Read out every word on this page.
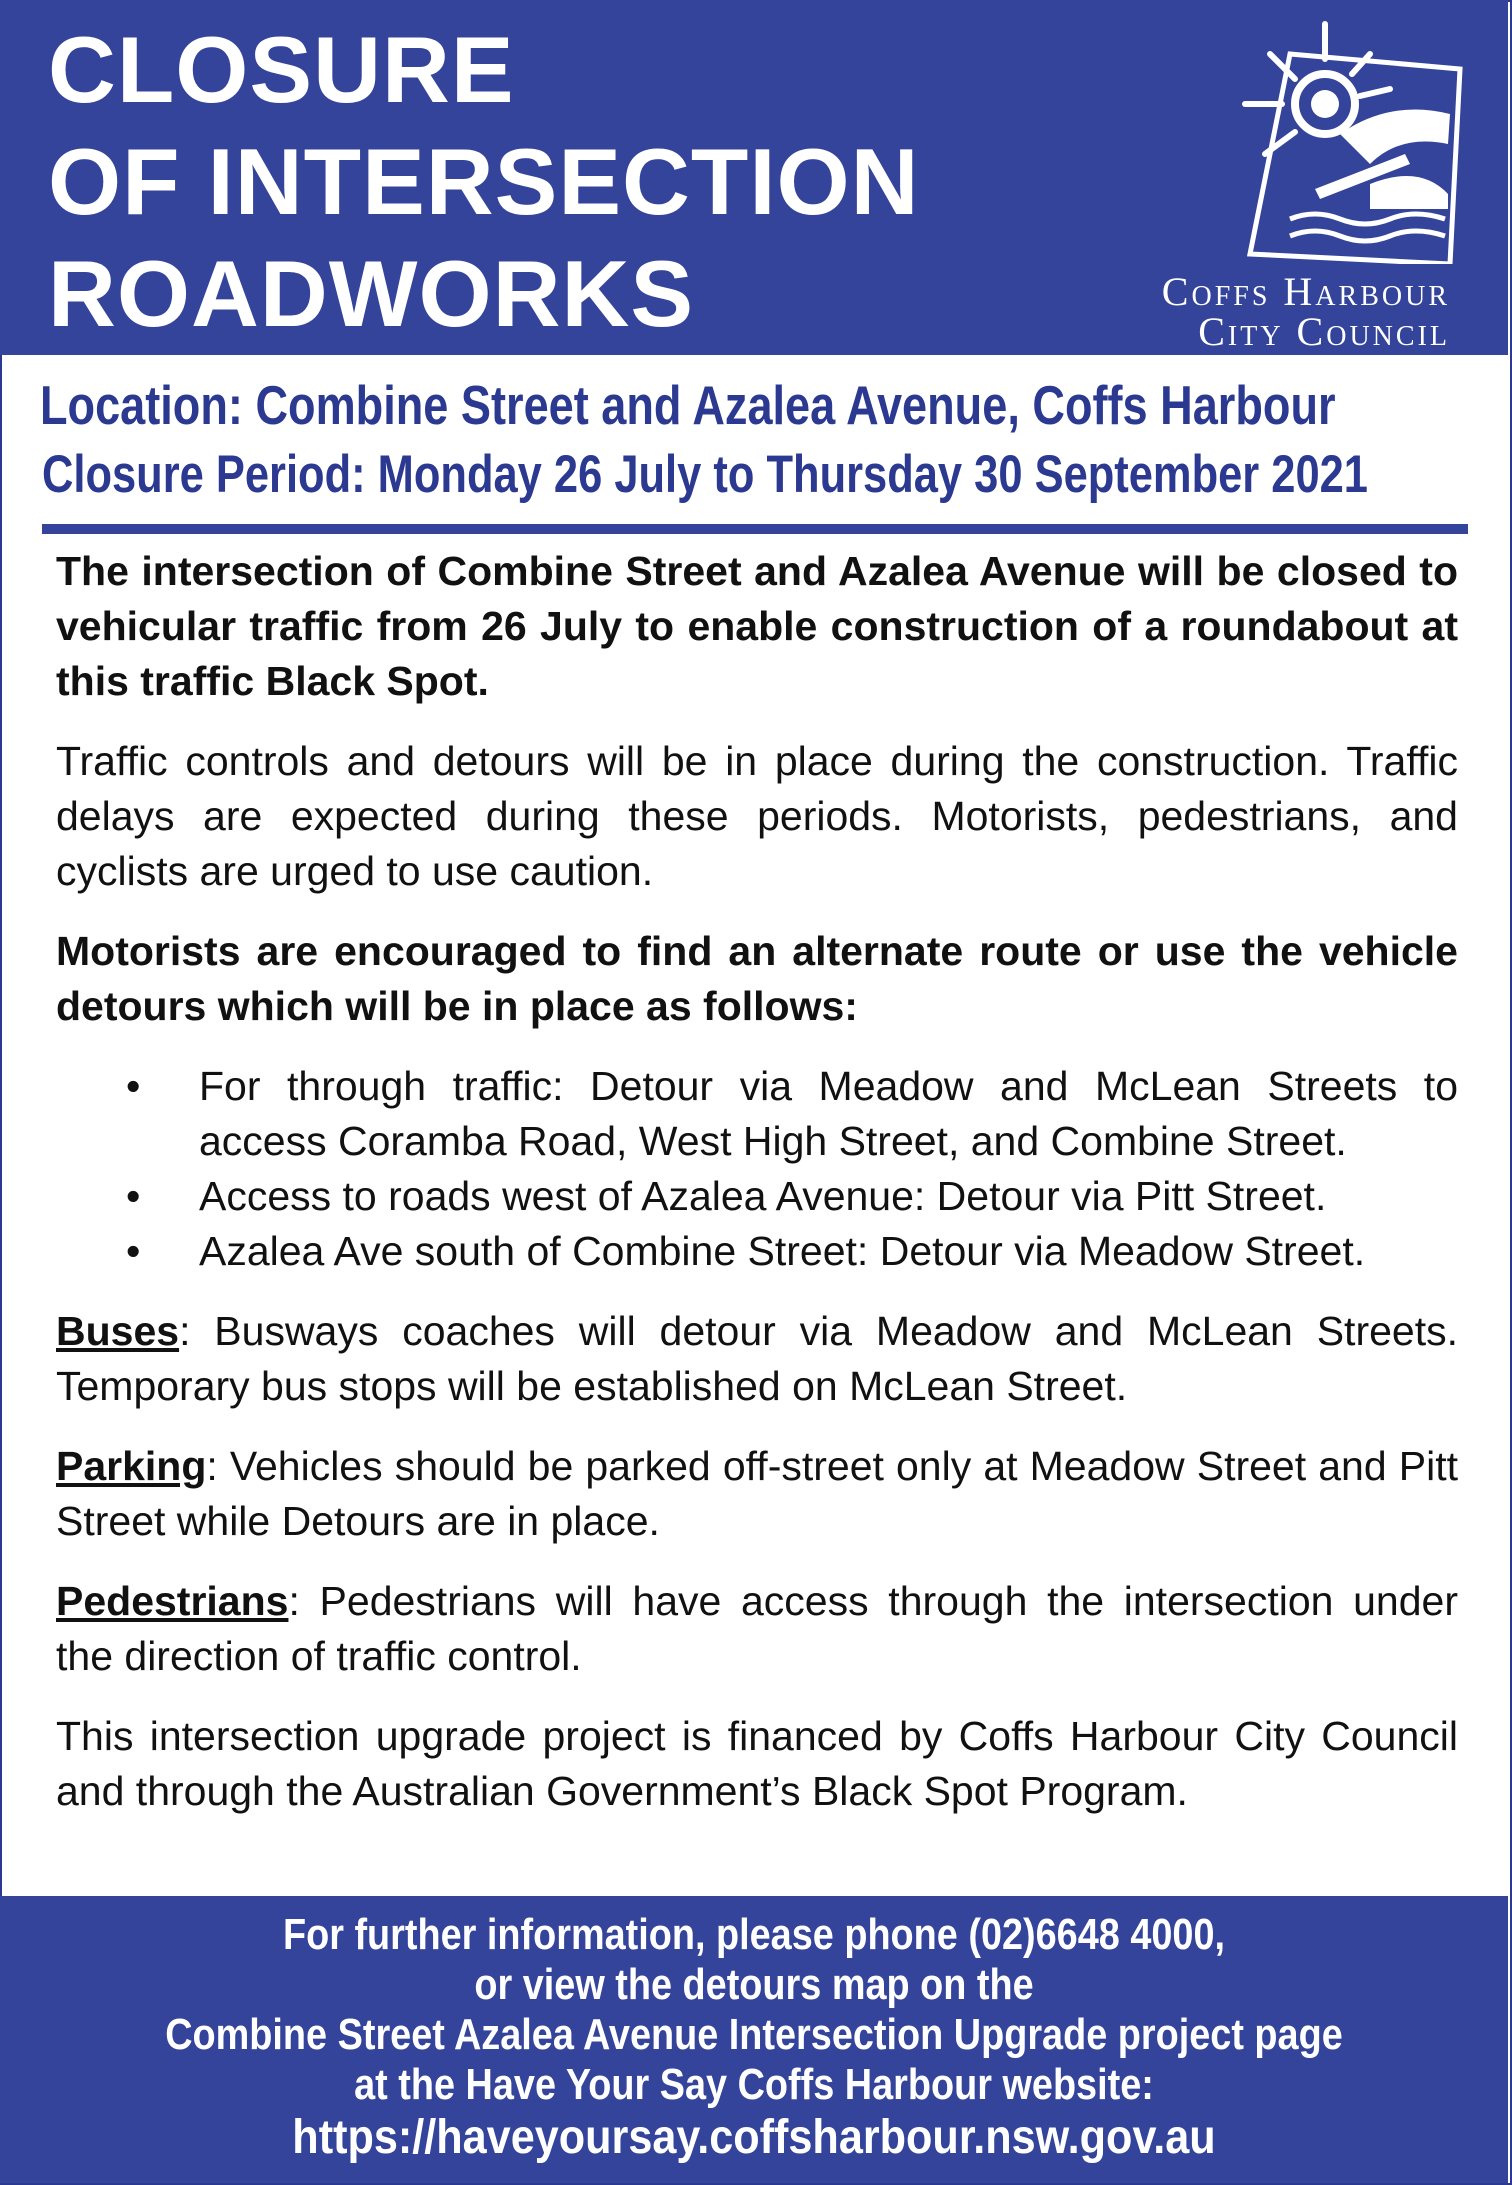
CLOSURE
OF INTERSECTION
ROADWORKS	Coffs Harbour
City Council
Location: Combine Street and Azalea Avenue, Coffs Harbour
Closure Period: Monday 26 July to Thursday 30 September 2021

The intersection of Combine Street and Azalea Avenue will be closed to vehicular traffic from 26 July to enable construction of a roundabout at this traffic Black Spot.

Traffic controls and detours will be in place during the construction. Traffic delays are expected during these periods. Motorists, pedestrians, and cyclists are urged to use caution.

Motorists are encouraged to find an alternate route or use the vehicle detours which will be in place as follows:

• For through traffic: Detour via Meadow and McLean Streets to access Coramba Road, West High Street, and Combine Street.
• Access to roads west of Azalea Avenue: Detour via Pitt Street.
• Azalea Ave south of Combine Street: Detour via Meadow Street.

Buses: Busways coaches will detour via Meadow and McLean Streets. Temporary bus stops will be established on McLean Street.

Parking: Vehicles should be parked off-street only at Meadow Street and Pitt Street while Detours are in place.

Pedestrians: Pedestrians will have access through the intersection under the direction of traffic control.

This intersection upgrade project is financed by Coffs Harbour City Council and through the Australian Government’s Black Spot Program.

For further information, please phone (02)6648 4000,
or view the detours map on the
Combine Street Azalea Avenue Intersection Upgrade project page
at the Have Your Say Coffs Harbour website:
https://haveyoursay.coffsharbour.nsw.gov.au
